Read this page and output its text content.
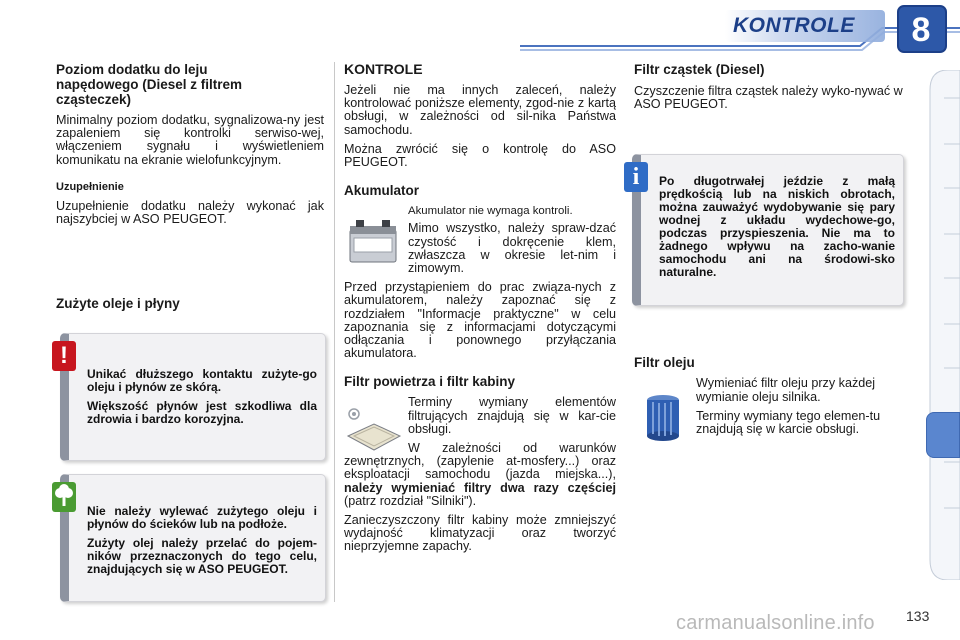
KONTROLE	8
Poziom dodatku do leju napędowego (Diesel z filtrem cząsteczek)

Minimalny poziom dodatku, sygnalizowa-ny jest zapaleniem się kontrolki serwiso-wej, włączeniem sygnału i wyświetleniem komunikatu na ekranie wielofunkcyjnym.

Uzupełnienie

Uzupełnienie dodatku należy wykonać jak najszybciej w ASO PEUGEOT.

Zużyte oleje i płyny

Unikać dłuższego kontaktu zużyte-go oleju i płynów ze skórą.

Większość płynów jest szkodliwa dla zdrowia i bardzo korozyjna.

!

Nie należy wylewać zużytego oleju i płynów do ścieków lub na podłoże.

Zużyty olej należy przelać do pojem-ników przeznaczonych do tego celu, znajdujących się w ASO PEUGEOT.

KONTROLE

Jeżeli nie ma innych zaleceń, należy kontrolować poniższe elementy, zgod-nie z kartą obsługi, w zależności od sil-nika Państwa samochodu.

Można zwrócić się o kontrolę do ASO PEUGEOT.

Akumulator

Akumulator nie wymaga kontroli.

Mimo wszystko, należy spraw-dzać czystość i dokręcenie klem, zwłaszcza w okresie let-nim i zimowym.

Przed przystąpieniem do prac związa-nych z akumulatorem, należy zapoznać się z rozdziałem "Informacje praktyczne" w celu zapoznania się z informacjami dotyczącymi odłączania i ponownego przyłączania akumulatora.

Filtr powietrza i filtr kabiny

Terminy wymiany elementów filtrujących znajdują się w kar-cie obsługi.

W zależności od warunków zewnętrznych, (zapylenie at-mosfery...) oraz eksploatacji samochodu (jazda miejska...), należy wymieniać filtry dwa razy częściej (patrz rozdział "Silniki").

Zanieczyszczony filtr kabiny może zmniejszyć wydajność klimatyzacji oraz tworzyć nieprzyjemne zapachy.

Filtr cząstek (Diesel)

Czyszczenie filtra cząstek należy wyko-nywać w ASO PEUGEOT.

Filtr oleju

Wymieniać filtr oleju przy każdej wymianie oleju silnika.

Terminy wymiany tego elemen-tu znajdują się w karcie obsługi.

Po długotrwałej jeździe z małą prędkością lub na niskich obrotach, można zauważyć wydobywanie się pary wodnej z układu wydechowe-go, podczas przyspieszenia. Nie ma to żadnego wpływu na zacho-wanie samochodu ani na środowi-sko naturalne.

i
carmanualsonline.info 133
